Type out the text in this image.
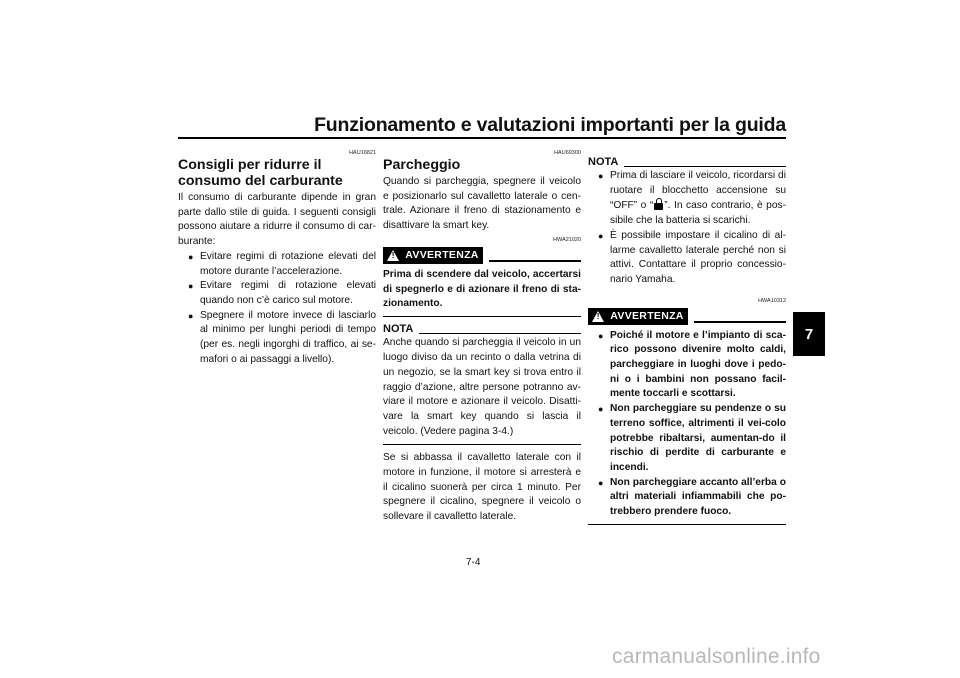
Funzionamento e valutazioni importanti per la guida
7
HAU16821
Consigli per ridurre il consumo del carburante

Il consumo di carburante dipende in gran parte dallo stile di guida. I seguenti consigli possono aiutare a ridurre il consumo di car-burante:

● Evitare regimi di rotazione elevati del motore durante l’accelerazione.
● Evitare regimi di rotazione elevati quando non c’è carico sul motore.
● Spegnere il motore invece di lasciarlo al minimo per lunghi periodi di tempo (per es. negli ingorghi di traffico, ai se-mafori o ai passaggi a livello).
HAU69300
Parcheggio

Quando si parcheggia, spegnere il veicolo e posizionarlo sul cavalletto laterale o cen-trale. Azionare il freno di stazionamento e disattivare la smart key.

HWA21020
!
AVVERTENZA

Prima di scendere dal veicolo, accertarsi di spegnerlo e di azionare il freno di sta-zionamento.

NOTA

Anche quando si parcheggia il veicolo in un luogo diviso da un recinto o dalla vetrina di un negozio, se la smart key si trova entro il raggio d’azione, altre persone potranno av-viare il motore e azionare il veicolo. Disatti-vare la smart key quando si lascia il veicolo. (Vedere pagina 3-4.)

Se si abbassa il cavalletto laterale con il motore in funzione, il motore si arresterà e il cicalino suonerà per circa 1 minuto. Per spegnere il cicalino, spegnere il veicolo o sollevare il cavalletto laterale.

NOTA
● Prima di lasciare il veicolo, ricordarsi di ruotare il blocchetto accensione su “OFF” o “ ”. In caso contrario, è pos-sibile che la batteria si scarichi.
● È possibile impostare il cicalino di al-larme cavalletto laterale perché non si attivi. Contattare il proprio concessio-nario Yamaha.
HWA10312
!
AVVERTENZA
● Poiché il motore e l’impianto di sca-rico possono divenire molto caldi, parcheggiare in luoghi dove i pedo-ni o i bambini non possano facil-mente toccarli e scottarsi.
● Non parcheggiare su pendenze o su terreno soffice, altrimenti il vei-colo potrebbe ribaltarsi, aumentan-do il rischio di perdite di carburante e incendi.
● Non parcheggiare accanto all’erba o altri materiali infiammabili che po-trebbero prendere fuoco.
7-4
carmanualsonline.info
